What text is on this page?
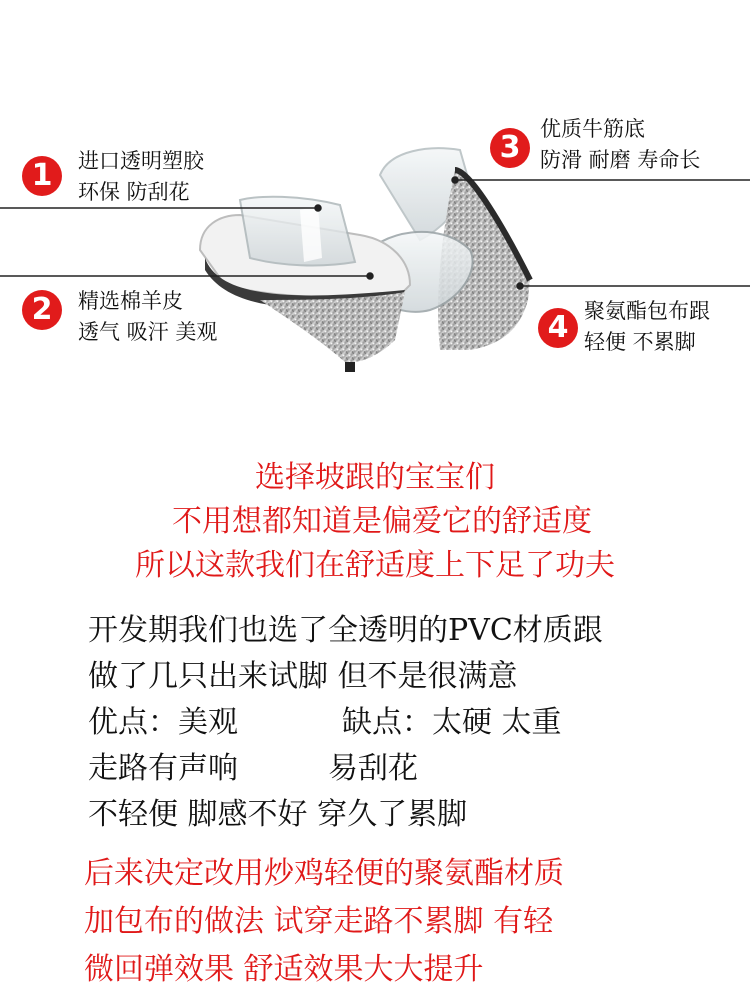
1	进口透明塑胶
环保 防刮花
2	精选棉羊皮
透气 吸汗 美观
3
优质牛筋底
防滑 耐磨 寿命长
4 聚氨酯包布跟
轻便 不累脚
选择坡跟的宝宝们
不用想都知道是偏爱它的舒适度
所以这款我们在舒适度上下足了功夫
开发期我们也选了全透明的PVC材质跟
做了几只出来试脚 但不是很满意
优点：美观	缺点：太硬 太重
走路有声响	易刮花
不轻便 脚感不好 穿久了累脚
后来决定改用炒鸡轻便的聚氨酯材质
加包布的做法 试穿走路不累脚 有轻
微回弹效果 舒适效果大大提升
